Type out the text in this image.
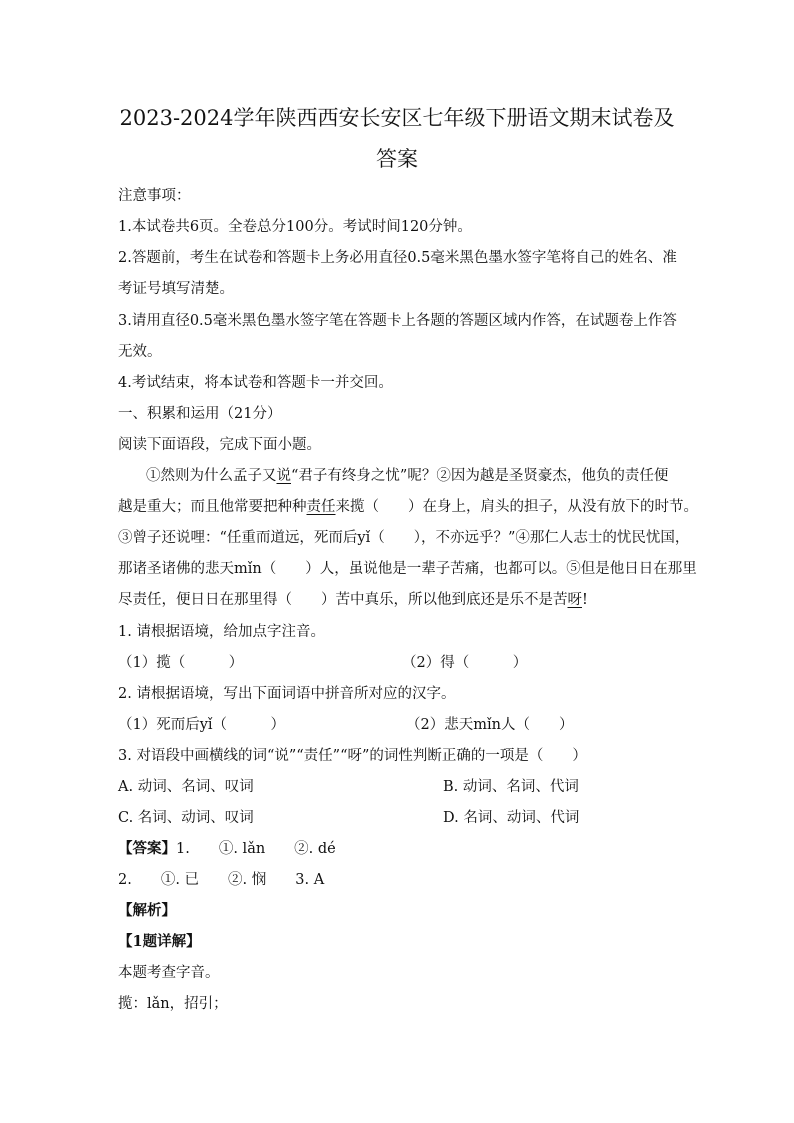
2023-2024学年陕西西安长安区七年级下册语文期末试卷及
答案
注意事项：
1.本试卷共6页。全卷总分100分。考试时间120分钟。
2.答题前，考生在试卷和答题卡上务必用直径0.5毫米黑色墨水签字笔将自己的姓名、准
考证号填写清楚。
3.请用直径0.5毫米黑色墨水签字笔在答题卡上各题的答题区域内作答，在试题卷上作答
无效。
4.考试结束，将本试卷和答题卡一并交回。
一、积累和运用（21分）
阅读下面语段，完成下面小题。
①然则为什么孟子又说“君子有终身之忧”呢？②因为越是圣贤豪杰，他负的责任便
越是重大；而且他常要把种种责任来揽（　　）在身上，肩头的担子，从没有放下的时节。
③曾子还说哩：“任重而道远，死而后yǐ（　　），不亦远乎？”④那仁人志士的忧民忧国，
那诸圣诸佛的悲天mǐn（　　）人，虽说他是一辈子苦痛，也都可以。⑤但是他日日在那里
尽责任，便日日在那里得（　　）苦中真乐，所以他到底还是乐不是苦呀!
1. 请根据语境，给加点字注音。
（1）揽（　　　）	（2）得（　　　）
2. 请根据语境，写出下面词语中拼音所对应的汉字。
（1）死而后yǐ（　　　）	（2）悲天mǐn人（　　）
3. 对语段中画横线的词“说”“责任”“呀”的词性判断正确的一项是（　　）
A. 动词、名词、叹词	B. 动词、名词、代词
C. 名词、动词、叹词	D. 名词、动词、代词
【答案】1.　　①. lǎn　　②. dé
2.　　①. 已　　②. 悯　　3. A
【解析】
【1题详解】
本题考查字音。
揽：lǎn，招引；
